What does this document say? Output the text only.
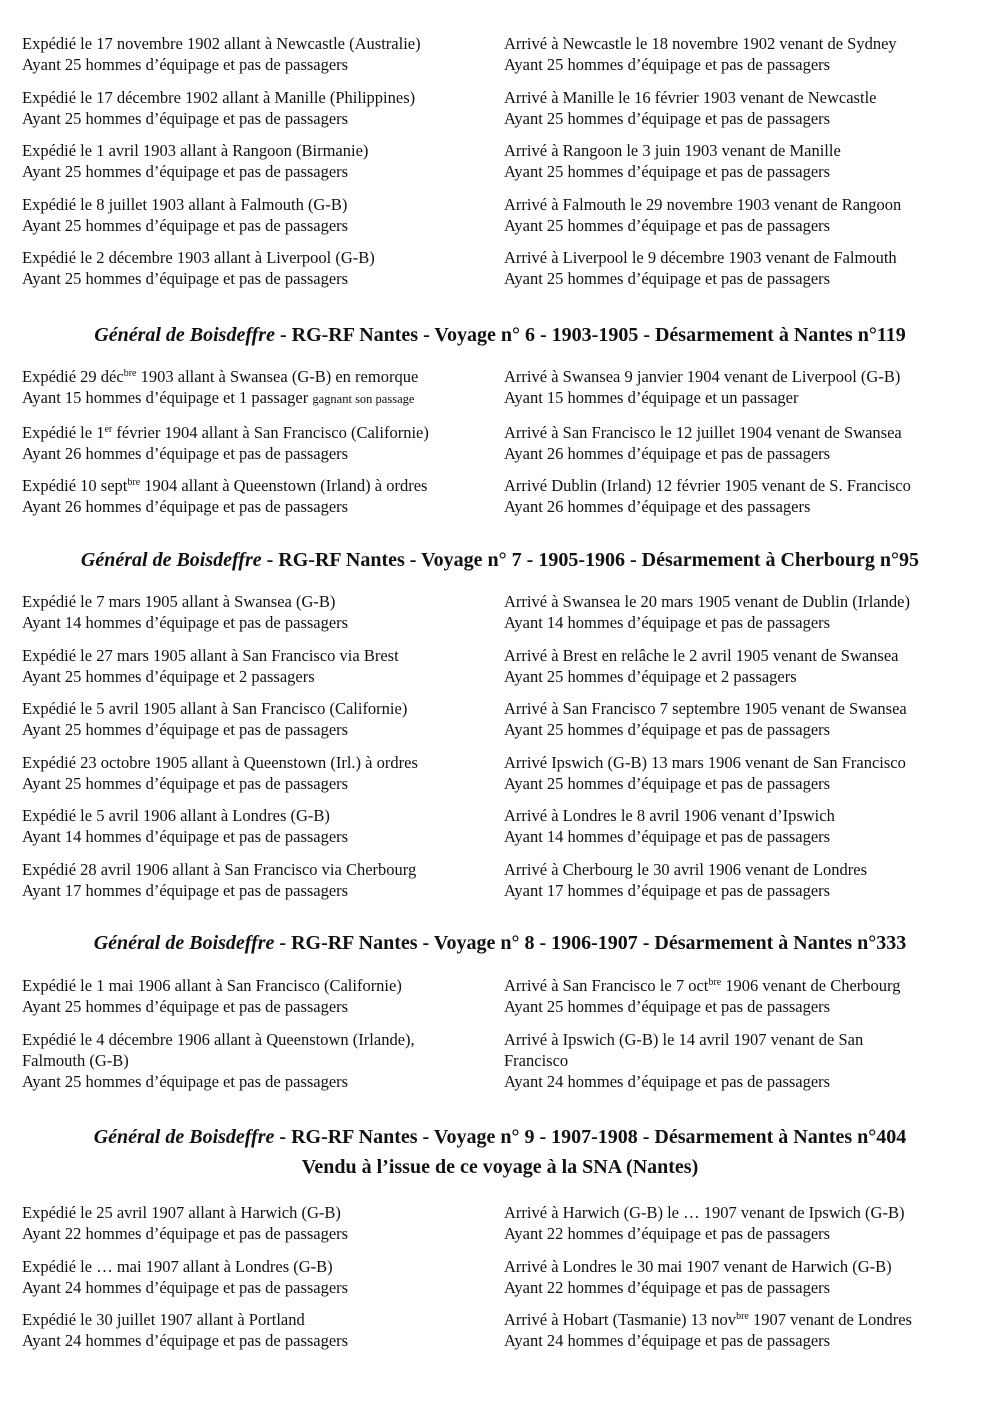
Expédié le 17 novembre 1902 allant à Newcastle (Australie)
Ayant 25 hommes d’équipage et pas de passagers
Arrivé à Newcastle le 18 novembre 1902 venant de Sydney
Ayant 25 hommes d’équipage et pas de passagers
Expédié le 17 décembre 1902 allant à Manille (Philippines)
Ayant 25 hommes d’équipage et pas de passagers
Arrivé à Manille le 16 février 1903 venant de Newcastle
Ayant 25 hommes d’équipage et pas de passagers
Expédié le 1 avril 1903 allant à Rangoon (Birmanie)
Ayant 25 hommes d’équipage et pas de passagers
Arrivé à Rangoon le 3 juin 1903 venant de Manille
Ayant 25 hommes d’équipage et pas de passagers
Expédié le 8 juillet 1903 allant à Falmouth (G-B)
Ayant 25 hommes d’équipage et pas de passagers
Arrivé à Falmouth le 29 novembre 1903 venant de Rangoon
Ayant 25 hommes d’équipage et pas de passagers
Expédié le 2 décembre 1903 allant à Liverpool (G-B)
Ayant 25 hommes d’équipage et pas de passagers
Arrivé à Liverpool le 9 décembre 1903 venant de Falmouth
Ayant 25 hommes d’équipage et pas de passagers
Général de Boisdeffre - RG-RF Nantes - Voyage n° 6 - 1903-1905 - Désarmement à Nantes n°119
Expédié 29 déc$^{bre}$ 1903 allant à Swansea (G-B) en remorque
Ayant 15 hommes d’équipage et 1 passager gagnant son passage
Arrivé à Swansea 9 janvier 1904 venant de Liverpool (G-B)
Ayant 15 hommes d’équipage et un passager
Expédié le 1er février 1904 allant à San Francisco (Californie)
Ayant 26 hommes d’équipage et pas de passagers
Arrivé à San Francisco le 12 juillet 1904 venant de Swansea
Ayant 26 hommes d’équipage et pas de passagers
Expédié 10 sept$^{bre}$ 1904 allant à Queenstown (Irland) à ordres
Ayant 26 hommes d’équipage et pas de passagers
Arrivé Dublin (Irland) 12 février 1905 venant de S. Francisco
Ayant 26 hommes d’équipage et des passagers
Général de Boisdeffre - RG-RF Nantes - Voyage n° 7 - 1905-1906 - Désarmement à Cherbourg n°95
Expédié le 7 mars 1905 allant à Swansea (G-B)
Ayant 14 hommes d’équipage et pas de passagers
Arrivé à Swansea le 20 mars 1905 venant de Dublin (Irlande)
Ayant 14 hommes d’équipage et pas de passagers
Expédié le 27 mars 1905 allant à San Francisco via Brest
Ayant 25 hommes d’équipage et 2 passagers
Arrivé à Brest en relâche le 2 avril 1905 venant de Swansea
Ayant 25 hommes d’équipage et 2 passagers
Expédié le 5 avril 1905 allant à San Francisco (Californie)
Ayant 25 hommes d’équipage et pas de passagers
Arrivé à San Francisco 7 septembre 1905 venant de Swansea
Ayant 25 hommes d’équipage et pas de passagers
Expédié 23 octobre 1905 allant à Queenstown (Irl.) à ordres
Ayant 25 hommes d’équipage et pas de passagers
Arrivé Ipswich (G-B) 13 mars 1906 venant de San Francisco
Ayant 25 hommes d’équipage et pas de passagers
Expédié le 5 avril 1906 allant à Londres (G-B)
Ayant 14 hommes d’équipage et pas de passagers
Arrivé à Londres le 8 avril 1906 venant d’Ipswich
Ayant 14 hommes d’équipage et pas de passagers
Expédié 28 avril 1906 allant à San Francisco via Cherbourg
Ayant 17 hommes d’équipage et pas de passagers
Arrivé à Cherbourg le 30 avril 1906 venant de Londres
Ayant 17 hommes d’équipage et pas de passagers
Général de Boisdeffre - RG-RF Nantes - Voyage n° 8 - 1906-1907 - Désarmement à Nantes n°333
Expédié le 1 mai 1906 allant à San Francisco (Californie)
Ayant 25 hommes d’équipage et pas de passagers
Arrivé à San Francisco le 7 oct$^{bre}$ 1906 venant de Cherbourg
Ayant 25 hommes d’équipage et pas de passagers
Expédié le 4 décembre 1906 allant à Queenstown (Irlande), Falmouth (G-B)
Ayant 25 hommes d’équipage et pas de passagers
Arrivé à Ipswich (G-B) le 14 avril 1907 venant de San Francisco
Ayant 24 hommes d’équipage et pas de passagers
Général de Boisdeffre - RG-RF Nantes - Voyage n° 9 - 1907-1908 - Désarmement à Nantes n°404
Vendu à l’issue de ce voyage à la SNA (Nantes)
Expédié le 25 avril 1907 allant à Harwich (G-B)
Ayant 22 hommes d’équipage et pas de passagers
Arrivé à Harwich (G-B) le … 1907 venant de Ipswich (G-B)
Ayant 22 hommes d’équipage et pas de passagers
Expédié le … mai 1907 allant à Londres (G-B)
Ayant 24 hommes d’équipage et pas de passagers
Arrivé à Londres le 30 mai 1907 venant de Harwich (G-B)
Ayant 22 hommes d’équipage et pas de passagers
Expédié le 30 juillet 1907 allant à Portland
Ayant 24 hommes d’équipage et pas de passagers
Arrivé à Hobart (Tasmanie) 13 nov$^{bre}$ 1907 venant de Londres
Ayant 24 hommes d’équipage et pas de passagers
